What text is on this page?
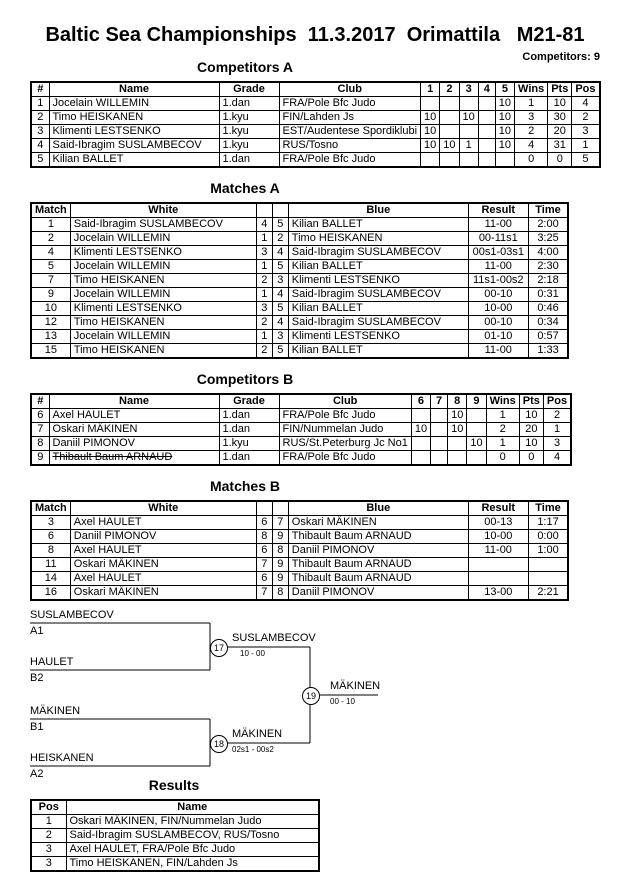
Baltic Sea Championships  11.3.2017  Orimattila   M21-81
Competitors: 9
Competitors A
#	Name	Grade	Club	1	2	3	4	5	Wins	Pts	Pos
1	Jocelain WILLEMIN	1.dan	FRA/Pole Bfc Judo					10	1	10	4
2	Timo HEISKANEN	1.kyu	FIN/Lahden Js	10		10		10	3	30	2
3	Klimenti LESTSENKO	1.kyu	EST/Audentese Spordiklubi	10				10	2	20	3
4	Said-Ibragim SUSLAMBECOV	1.kyu	RUS/Tosno	10	10	1		10	4	31	1
5	Kilian BALLET	1.dan	FRA/Pole Bfc Judo						0	0	5
Matches A
Match	White			Blue	Result	Time
1	Said-Ibragim SUSLAMBECOV	4	5	Kilian BALLET	11-00	2:00
2	Jocelain WILLEMIN	1	2	Timo HEISKANEN	00-11s1	3:25
4	Klimenti LESTSENKO	3	4	Said-Ibragim SUSLAMBECOV	00s1-03s1	4:00
5	Jocelain WILLEMIN	1	5	Kilian BALLET	11-00	2:30
7	Timo HEISKANEN	2	3	Klimenti LESTSENKO	11s1-00s2	2:18
9	Jocelain WILLEMIN	1	4	Said-Ibragim SUSLAMBECOV	00-10	0:31
10	Klimenti LESTSENKO	3	5	Kilian BALLET	10-00	0:46
12	Timo HEISKANEN	2	4	Said-Ibragim SUSLAMBECOV	00-10	0:34
13	Jocelain WILLEMIN	1	3	Klimenti LESTSENKO	01-10	0:57
15	Timo HEISKANEN	2	5	Kilian BALLET	11-00	1:33
Competitors B
#	Name	Grade	Club	6	7	8	9	Wins	Pts	Pos
6	Axel HAULET	1.dan	FRA/Pole Bfc Judo			10		1	10	2
7	Oskari MÄKINEN	1.dan	FIN/Nummelan Judo	10		10		2	20	1
8	Daniil PIMONOV	1.kyu	RUS/St.Peterburg Jc No1				10	1	10	3
9	Thibault Baum ARNAUD	1.dan	FRA/Pole Bfc Judo					0	0	4
Matches B
Match	White			Blue	Result	Time
3	Axel HAULET	6	7	Oskari MÄKINEN	00-13	1:17
6	Daniil PIMONOV	8	9	Thibault Baum ARNAUD	10-00	0:00
8	Axel HAULET	6	8	Daniil PIMONOV	11-00	1:00
11	Oskari MÄKINEN	7	9	Thibault Baum ARNAUD		
14	Axel HAULET	6	9	Thibault Baum ARNAUD		
16	Oskari MÄKINEN	7	8	Daniil PIMONOV	13-00	2:21
SUSLAMBECOV
A1
HAULET
B2
MÄKINEN
B1
HEISKANEN
A2
SUSLAMBECOV
10 - 00
17
MÄKINEN
02s1 - 00s2
18
MÄKINEN
00 - 10
19
Results
Pos	Name
1	Oskari MÄKINEN, FIN/Nummelan Judo
2	Said-Ibragim SUSLAMBECOV, RUS/Tosno
3	Axel HAULET, FRA/Pole Bfc Judo
3	Timo HEISKANEN, FIN/Lahden Js
